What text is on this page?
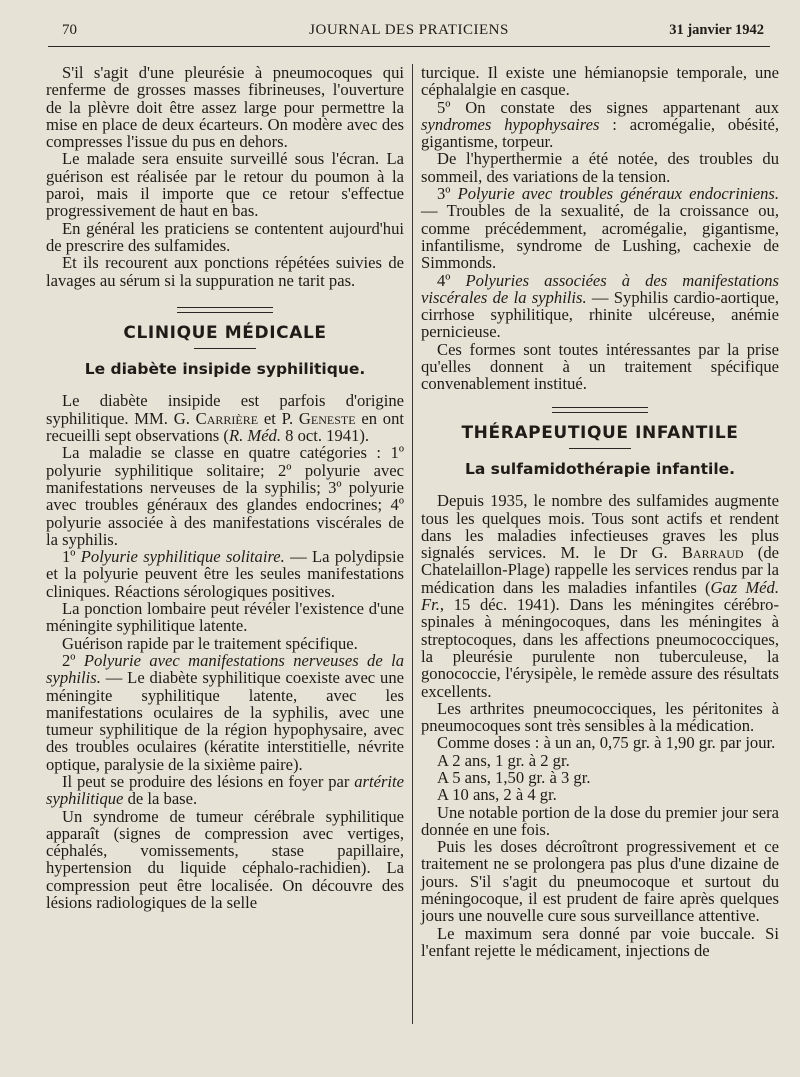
70	JOURNAL DES PRATICIENS	31 janvier 1942

S'il s'agit d'une pleurésie à pneumocoques qui renferme de grosses masses fibrineuses, l'ouverture de la plèvre doit être assez large pour permettre la mise en place de deux écarteurs. On modère avec des compresses l'issue du pus en dehors.

Le malade sera ensuite surveillé sous l'écran. La guérison est réalisée par le retour du poumon à la paroi, mais il importe que ce retour s'effectue progressivement de haut en bas.

En général les praticiens se contentent aujourd'hui de prescrire des sulfamides.

Et ils recourent aux ponctions répétées suivies de lavages au sérum si la suppuration ne tarit pas.

CLINIQUE MÉDICALE
Le diabète insipide syphilitique.

Le diabète insipide est parfois d'origine syphilitique. MM. G. Carrière et P. Geneste en ont recueilli sept observations (R. Méd. 8 oct. 1941).

La maladie se classe en quatre catégories : 1º polyurie syphilitique solitaire; 2º polyurie avec manifestations nerveuses de la syphilis; 3º polyurie avec troubles généraux des glandes endocrines; 4º polyurie associée à des manifestations viscérales de la syphilis.

1º Polyurie syphilitique solitaire. — La polydipsie et la polyurie peuvent être les seules manifestations cliniques. Réactions sérologiques positives.

La ponction lombaire peut révéler l'existence d'une méningite syphilitique latente.

Guérison rapide par le traitement spécifique.

2º Polyurie avec manifestations nerveuses de la syphilis. — Le diabète syphilitique coexiste avec une méningite syphilitique latente, avec les manifestations oculaires de la syphilis, avec une tumeur syphilitique de la région hypophysaire, avec des troubles oculaires (kératite interstitielle, névrite optique, paralysie de la sixième paire).

Il peut se produire des lésions en foyer par artérite syphilitique de la base.

Un syndrome de tumeur cérébrale syphilitique apparaît (signes de compression avec vertiges, céphalés, vomissements, stase papillaire, hypertension du liquide céphalo-rachidien). La compression peut être localisée. On découvre des lésions radiologiques de la selle

turcique. Il existe une hémianopsie temporale, une céphalalgie en casque.

5º On constate des signes appartenant aux syndromes hypophysaires : acromégalie, obésité, gigantisme, torpeur.

De l'hyperthermie a été notée, des troubles du sommeil, des variations de la tension.

3º Polyurie avec troubles généraux endocriniens. — Troubles de la sexualité, de la croissance ou, comme précédemment, acromégalie, gigantisme, infantilisme, syndrome de Lushing, cachexie de Simmonds.

4º Polyuries associées à des manifestations viscérales de la syphilis. — Syphilis cardio-aortique, cirrhose syphilitique, rhinite ulcéreuse, anémie pernicieuse.

Ces formes sont toutes intéressantes par la prise qu'elles donnent à un traitement spécifique convenablement institué.

THÉRAPEUTIQUE INFANTILE
La sulfamidothérapie infantile.

Depuis 1935, le nombre des sulfamides augmente tous les quelques mois. Tous sont actifs et rendent dans les maladies infectieuses graves les plus signalés services. M. le Dr G. Barraud (de Chatelaillon-Plage) rappelle les services rendus par la médication dans les maladies infantiles (Gaz Méd. Fr., 15 déc. 1941). Dans les méningites cérébro-spinales à méningocoques, dans les méningites à streptocoques, dans les affections pneumococciques, la pleurésie purulente non tuberculeuse, la gonococcie, l'érysipèle, le remède assure des résultats excellents.

Les arthrites pneumococciques, les péritonites à pneumocoques sont très sensibles à la médication.

Comme doses : à un an, 0,75 gr. à 1,90 gr. par jour.

A 2 ans, 1 gr. à 2 gr.

A 5 ans, 1,50 gr. à 3 gr.

A 10 ans, 2 à 4 gr.

Une notable portion de la dose du premier jour sera donnée en une fois.

Puis les doses décroîtront progressivement et ce traitement ne se prolongera pas plus d'une dizaine de jours. S'il s'agit du pneumocoque et surtout du méningocoque, il est prudent de faire après quelques jours une nouvelle cure sous surveillance attentive.

Le maximum sera donné par voie buccale. Si l'enfant rejette le médicament, injections de
